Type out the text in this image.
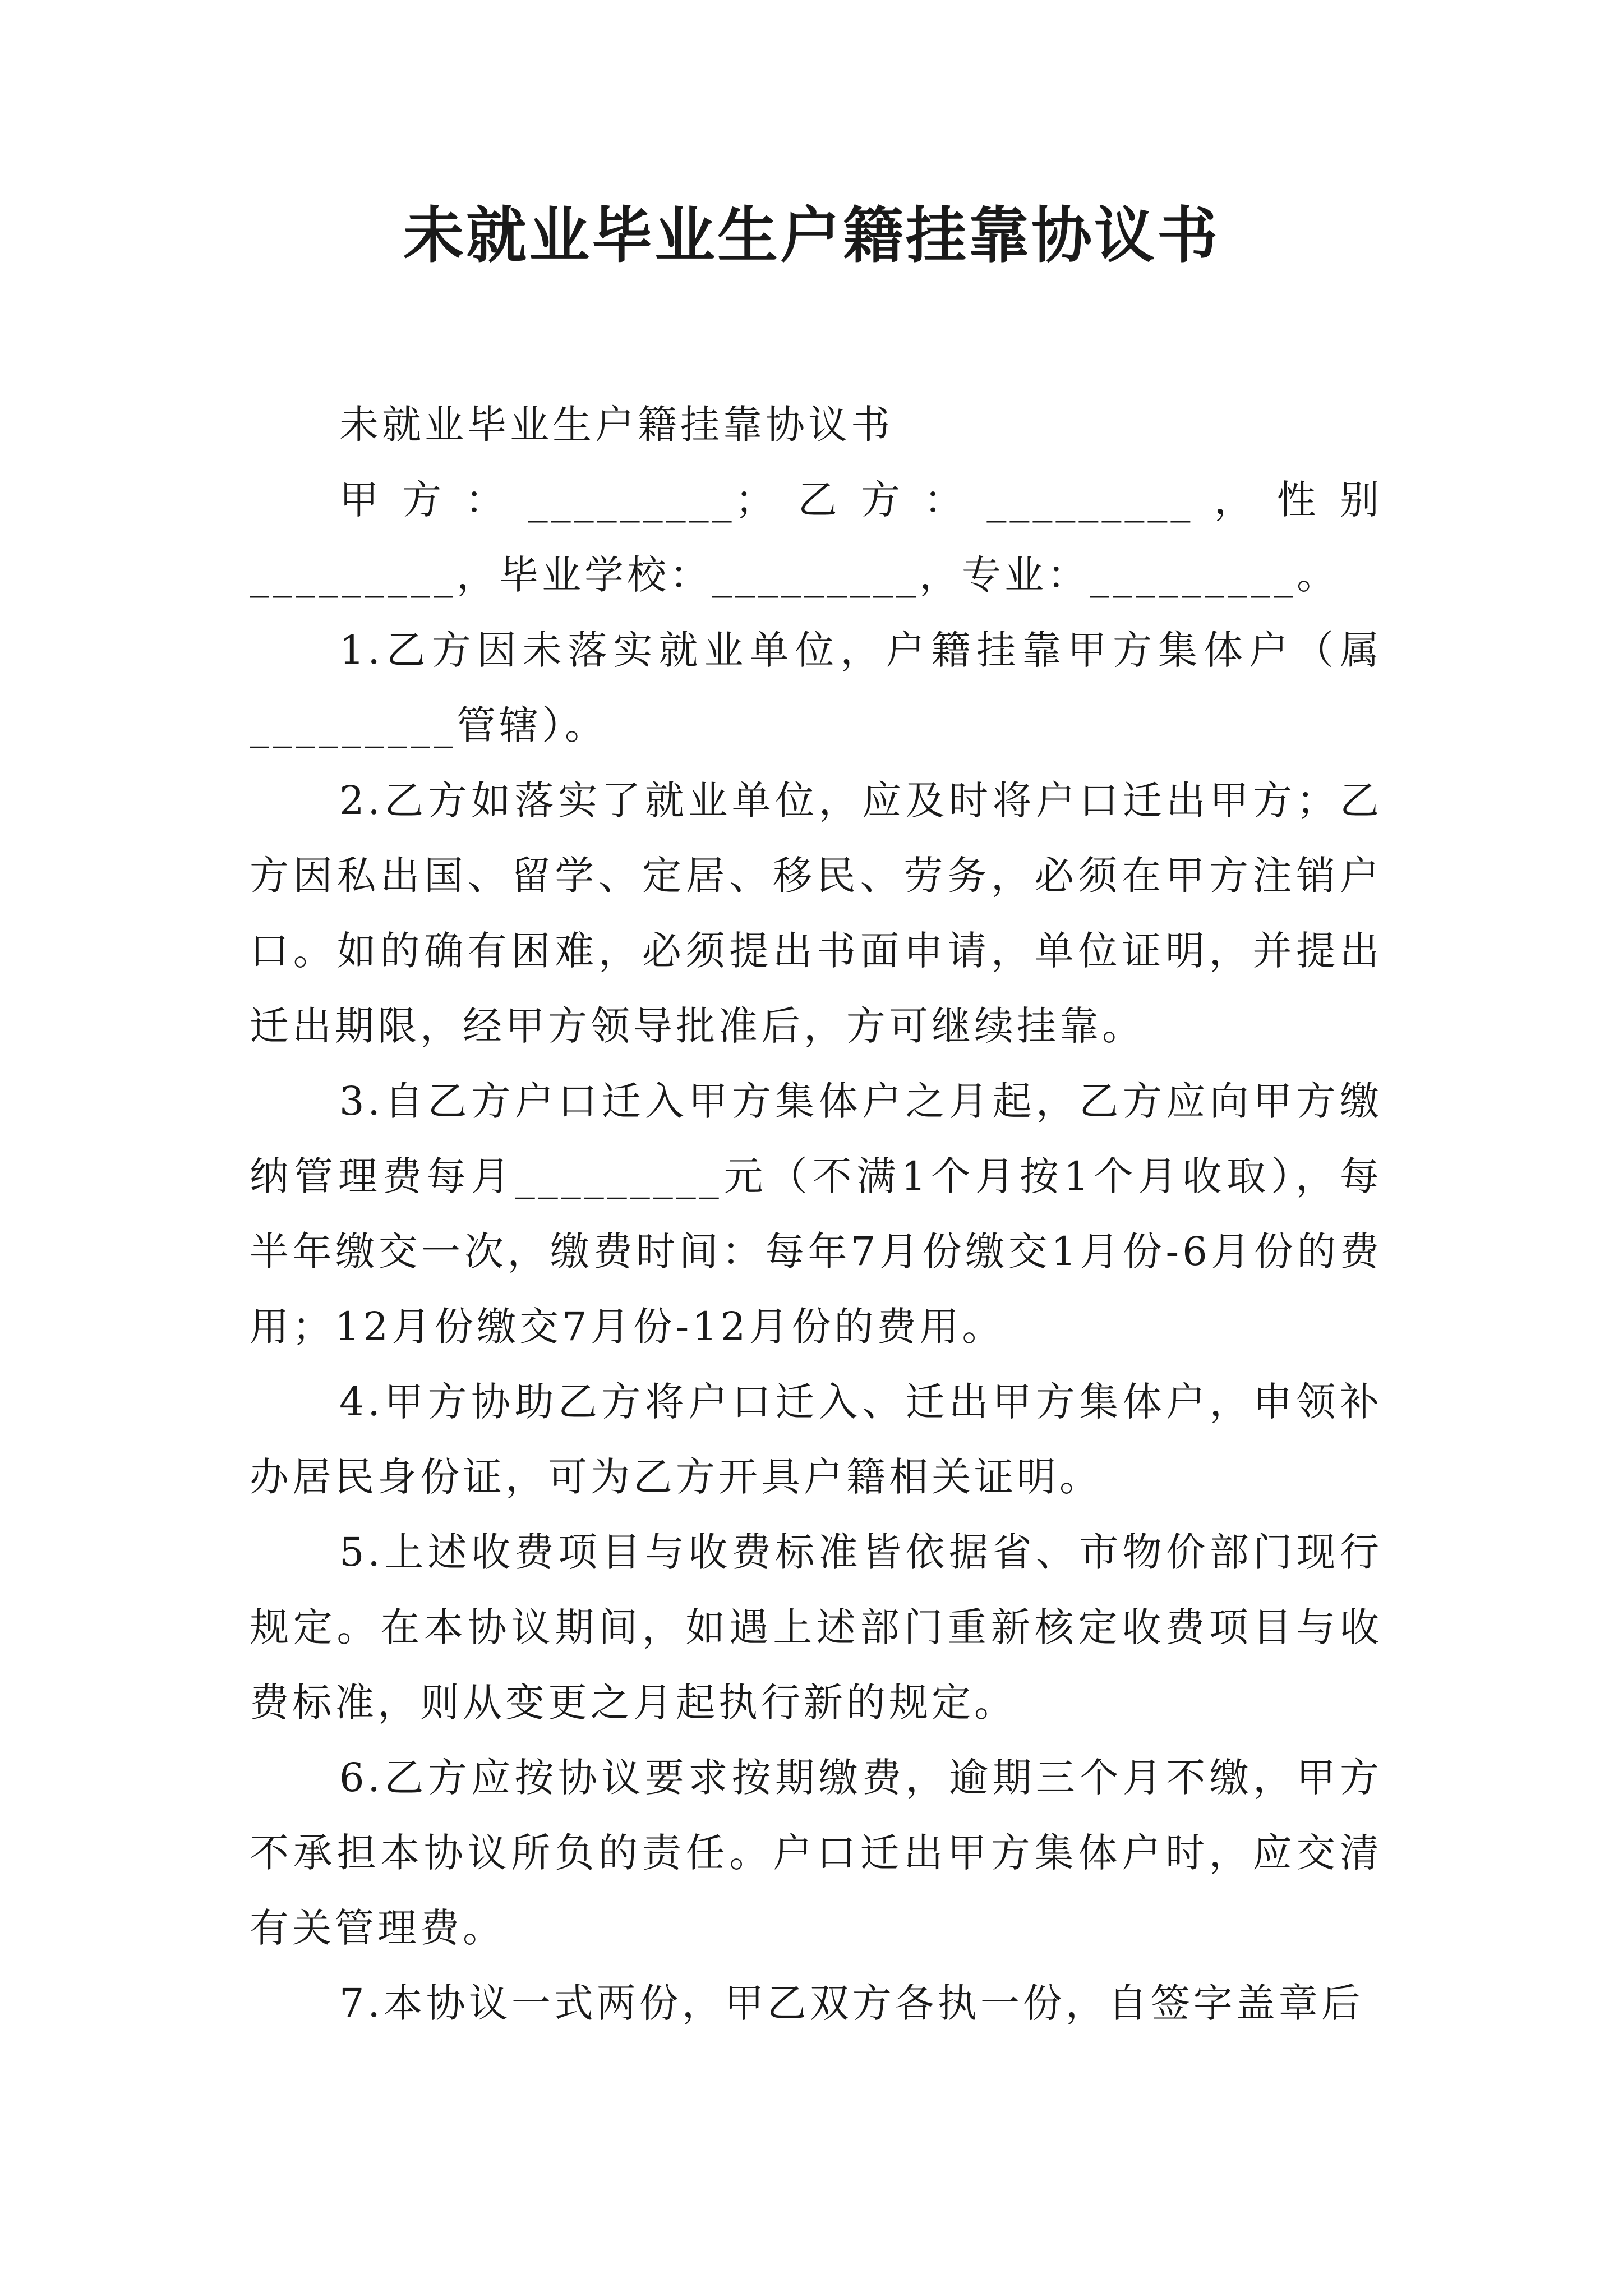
未就业毕业生户籍挂靠协议书

未就业毕业生户籍挂靠协议书

甲方：_________；乙方：_________，性别_________，毕业学校：_________，专业：_________。

1.乙方因未落实就业单位，户籍挂靠甲方集体户（属_________管辖）。

2.乙方如落实了就业单位，应及时将户口迁出甲方；乙方因私出国、留学、定居、移民、劳务，必须在甲方注销户口。如的确有困难，必须提出书面申请，单位证明，并提出迁出期限，经甲方领导批准后，方可继续挂靠。

3.自乙方户口迁入甲方集体户之月起，乙方应向甲方缴纳管理费每月_________元（不满1个月按1个月收取），每半年缴交一次，缴费时间：每年7月份缴交1月份-6月份的费用；12月份缴交7月份-12月份的费用。

4.甲方协助乙方将户口迁入、迁出甲方集体户，申领补办居民身份证，可为乙方开具户籍相关证明。

5.上述收费项目与收费标准皆依据省、市物价部门现行规定。在本协议期间，如遇上述部门重新核定收费项目与收费标准，则从变更之月起执行新的规定。

6.乙方应按协议要求按期缴费，逾期三个月不缴，甲方不承担本协议所负的责任。户口迁出甲方集体户时，应交清有关管理费。

7.本协议一式两份，甲乙双方各执一份，自签字盖章后
